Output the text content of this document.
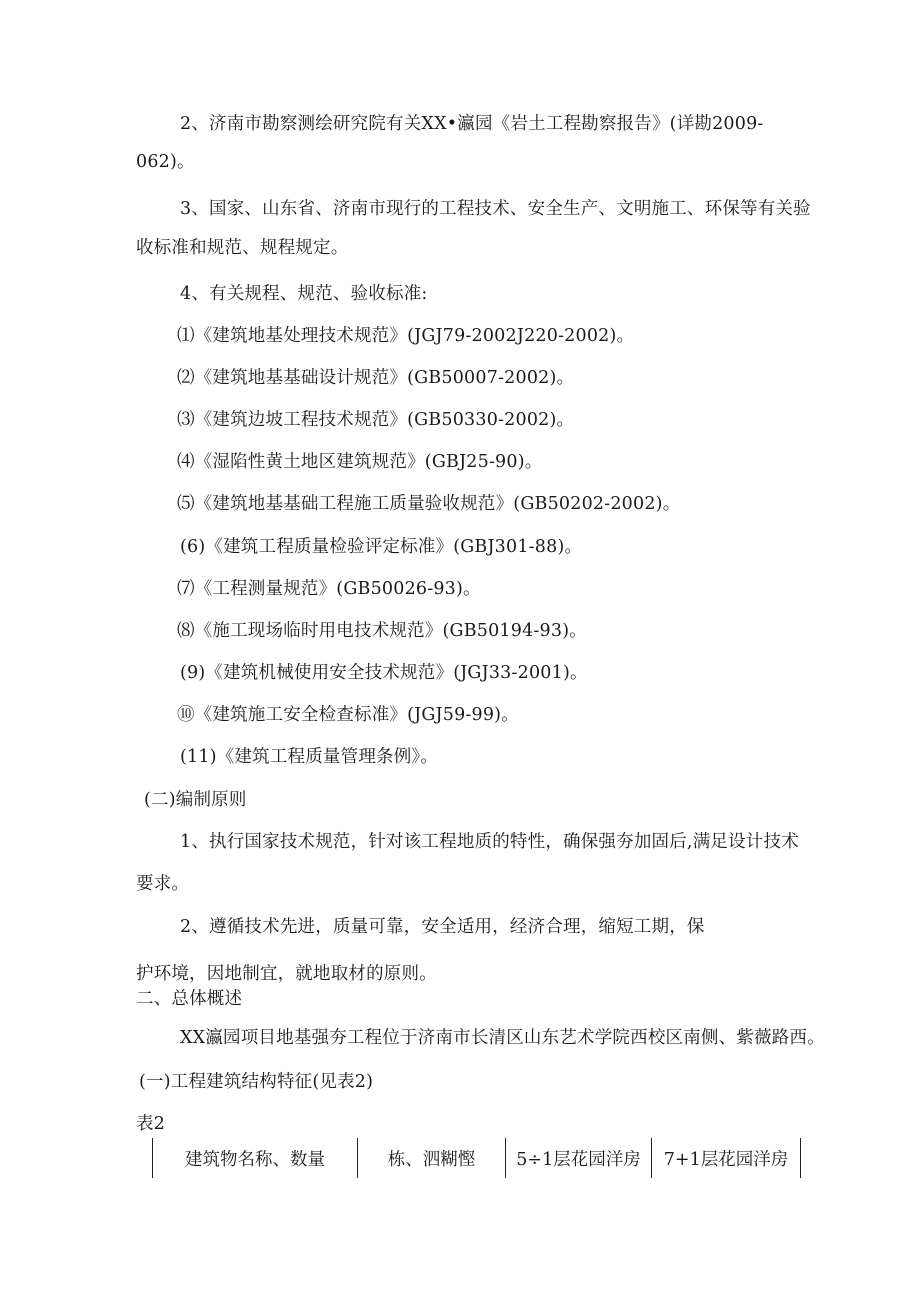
2、济南市勘察测绘研究院有关XX•瀛园《岩土工程勘察报告》(详勘2009-
062)。
3、国家、山东省、济南市现行的工程技术、安全生产、文明施工、环保等有关验
收标准和规范、规程规定。
4、有关规程、规范、验收标准:
⑴《建筑地基处理技术规范》(JGJ79-2002J220-2002)。
⑵《建筑地基基础设计规范》(GB50007-2002)。
⑶《建筑边坡工程技术规范》(GB50330-2002)。
⑷《湿陷性黄土地区建筑规范》(GBJ25-90)。
⑸《建筑地基基础工程施工质量验收规范》(GB50202-2002)。
(6)《建筑工程质量检验评定标准》(GBJ301-88)。
⑺《工程测量规范》(GB50026-93)。
⑻《施工现场临时用电技术规范》(GB50194-93)。
(9)《建筑机械使用安全技术规范》(JGJ33-2001)。
⑩《建筑施工安全检查标准》(JGJ59-99)。
(11)《建筑工程质量管理条例》。
(二)编制原则
1、执行国家技术规范，针对该工程地质的特性，确保强夯加固后,满足设计技术
要求。
2、遵循技术先进，质量可靠，安全适用，经济合理，缩短工期，保
护环境，因地制宜，就地取材的原则。
二、总体概述
XX瀛园项目地基强夯工程位于济南市长清区山东艺术学院西校区南侧、紫薇路西。
(一)工程建筑结构特征(见表2)
表2
建筑物名称、数量	栋、泗糊慳	5÷1层花园洋房	7+1层花园洋房
